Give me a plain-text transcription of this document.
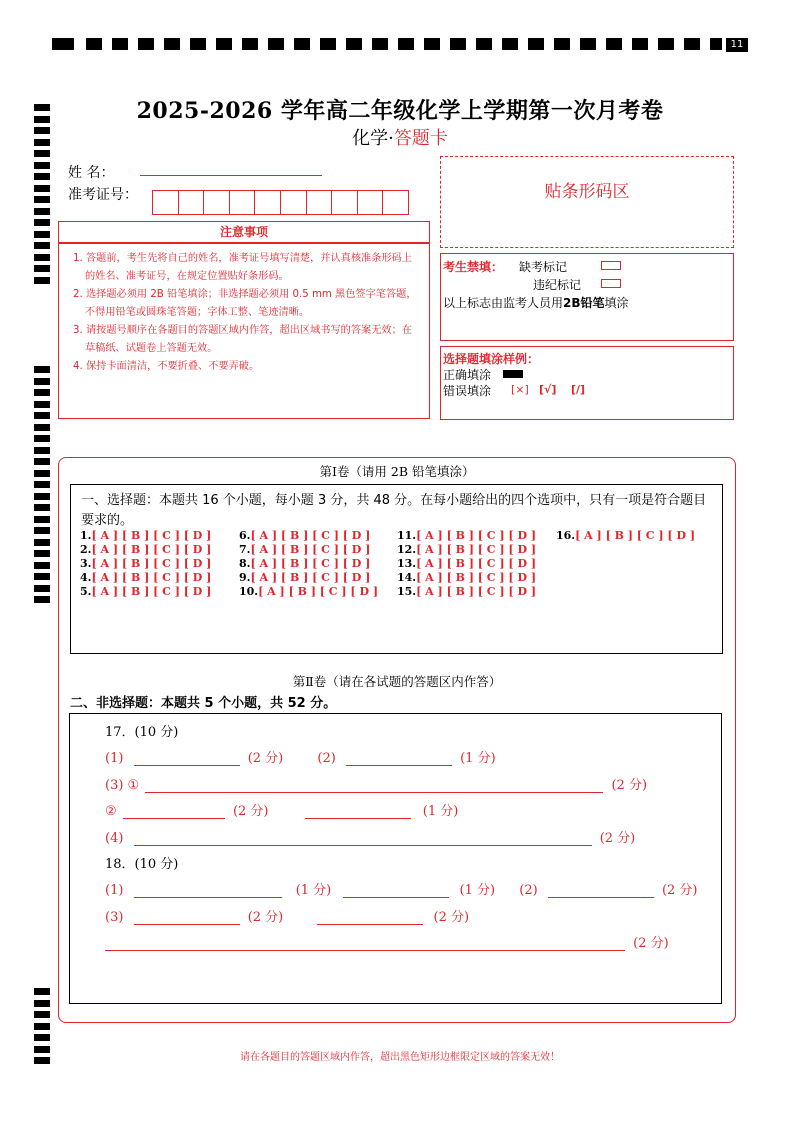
11
2025-2026 学年高二年级化学上学期第一次月考卷
化学·答题卡
姓 名：
准考证号：	贴条形码区
注意事项
1. 答题前，考生先将自己的姓名，准考证号填写清楚，并认真核准条形码上的姓名、准考证号，在规定位置贴好条形码。
2. 选择题必须用 2B 铅笔填涂；非选择题必须用 0.5 mm 黑色签字笔答题，不得用铅笔或圆珠笔答题；字体工整、笔迹清晰。
3. 请按题号顺序在各题目的答题区域内作答，超出区域书写的答案无效；在草稿纸、试题卷上答题无效。
4. 保持卡面清洁，不要折叠、不要弄破。
考生禁填： 缺考标记
违纪标记
以上标志由监考人员用2B铅笔填涂
选择题填涂样例：
正确填涂
错误填涂 [×] [√] [/]
第Ⅰ卷（请用 2B 铅笔填涂）
一、选择题：本题共 16 个小题，每小题 3 分，共 48 分。在每小题给出的四个选项中，只有一项是符合题目要求的。
1.[ A ] [ B ] [ C ] [ D ]
2.[ A ] [ B ] [ C ] [ D ]
3.[ A ] [ B ] [ C ] [ D ]
4.[ A ] [ B ] [ C ] [ D ]
5.[ A ] [ B ] [ C ] [ D ]
6.[ A ] [ B ] [ C ] [ D ]
7.[ A ] [ B ] [ C ] [ D ]
8.[ A ] [ B ] [ C ] [ D ]
9.[ A ] [ B ] [ C ] [ D ]
10.[ A ] [ B ] [ C ] [ D ]
11.[ A ] [ B ] [ C ] [ D ]
12.[ A ] [ B ] [ C ] [ D ]
13.[ A ] [ B ] [ C ] [ D ]
14.[ A ] [ B ] [ C ] [ D ]
15.[ A ] [ B ] [ C ] [ D ]
16.[ A ] [ B ] [ C ] [ D ]
第Ⅱ卷（请在各试题的答题区内作答）
二、非选择题：本题共 5 个小题，共 52 分。
17．(10 分)
(1)	(2 分)	(2)	(1 分)
(3) ①	(2 分)
②	(2 分)	(1 分)
(4)	(2 分)
18．(10 分)
(1)	(1 分)	(1 分) (2)	(2 分)
(3)	(2 分)	(2 分)
(2 分)
请在各题目的答题区域内作答，超出黑色矩形边框限定区域的答案无效！
